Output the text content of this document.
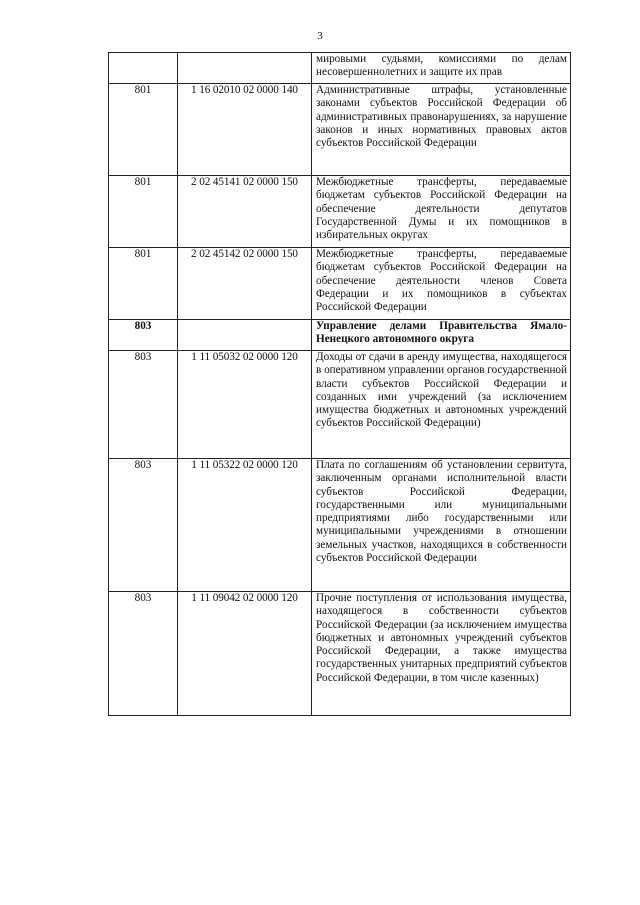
3
		мировыми судьями, комиссиями по делам несовершеннолетних и защите их прав
801	1 16 02010 02 0000 140	Административные штрафы, установленные законами субъектов Российской Федерации об административных правонарушениях, за нарушение законов и иных нормативных правовых актов субъектов Российской Федерации
801	2 02 45141 02 0000 150	Межбюджетные трансферты, передаваемые бюджетам субъектов Российской Федерации на обеспечение деятельности депутатов Государственной Думы и их помощников в избирательных округах
801	2 02 45142 02 0000 150	Межбюджетные трансферты, передаваемые бюджетам субъектов Российской Федерации на обеспечение деятельности членов Совета Федерации и их помощников в субъектах Российской Федерации
803		Управление делами Правительства Ямало-Ненецкого автономного округа
803	1 11 05032 02 0000 120	Доходы от сдачи в аренду имущества, находящегося в оперативном управлении органов государственной власти субъектов Российской Федерации и созданных ими учреждений (за исключением имущества бюджетных и автономных учреждений субъектов Российской Федерации)
803	1 11 05322 02 0000 120	Плата по соглашениям об установлении сервитута, заключенным органами исполнительной власти субъектов Российской Федерации, государственными или муниципальными предприятиями либо государственными или муниципальными учреждениями в отношении земельных участков, находящихся в собственности субъектов Российской Федерации
803	1 11 09042 02 0000 120	Прочие поступления от использования имущества, находящегося в собственности субъектов Российской Федерации (за исключением имущества бюджетных и автономных учреждений субъектов Российской Федерации, а также имущества государственных унитарных предприятий субъектов Российской Федерации, в том числе казенных)
